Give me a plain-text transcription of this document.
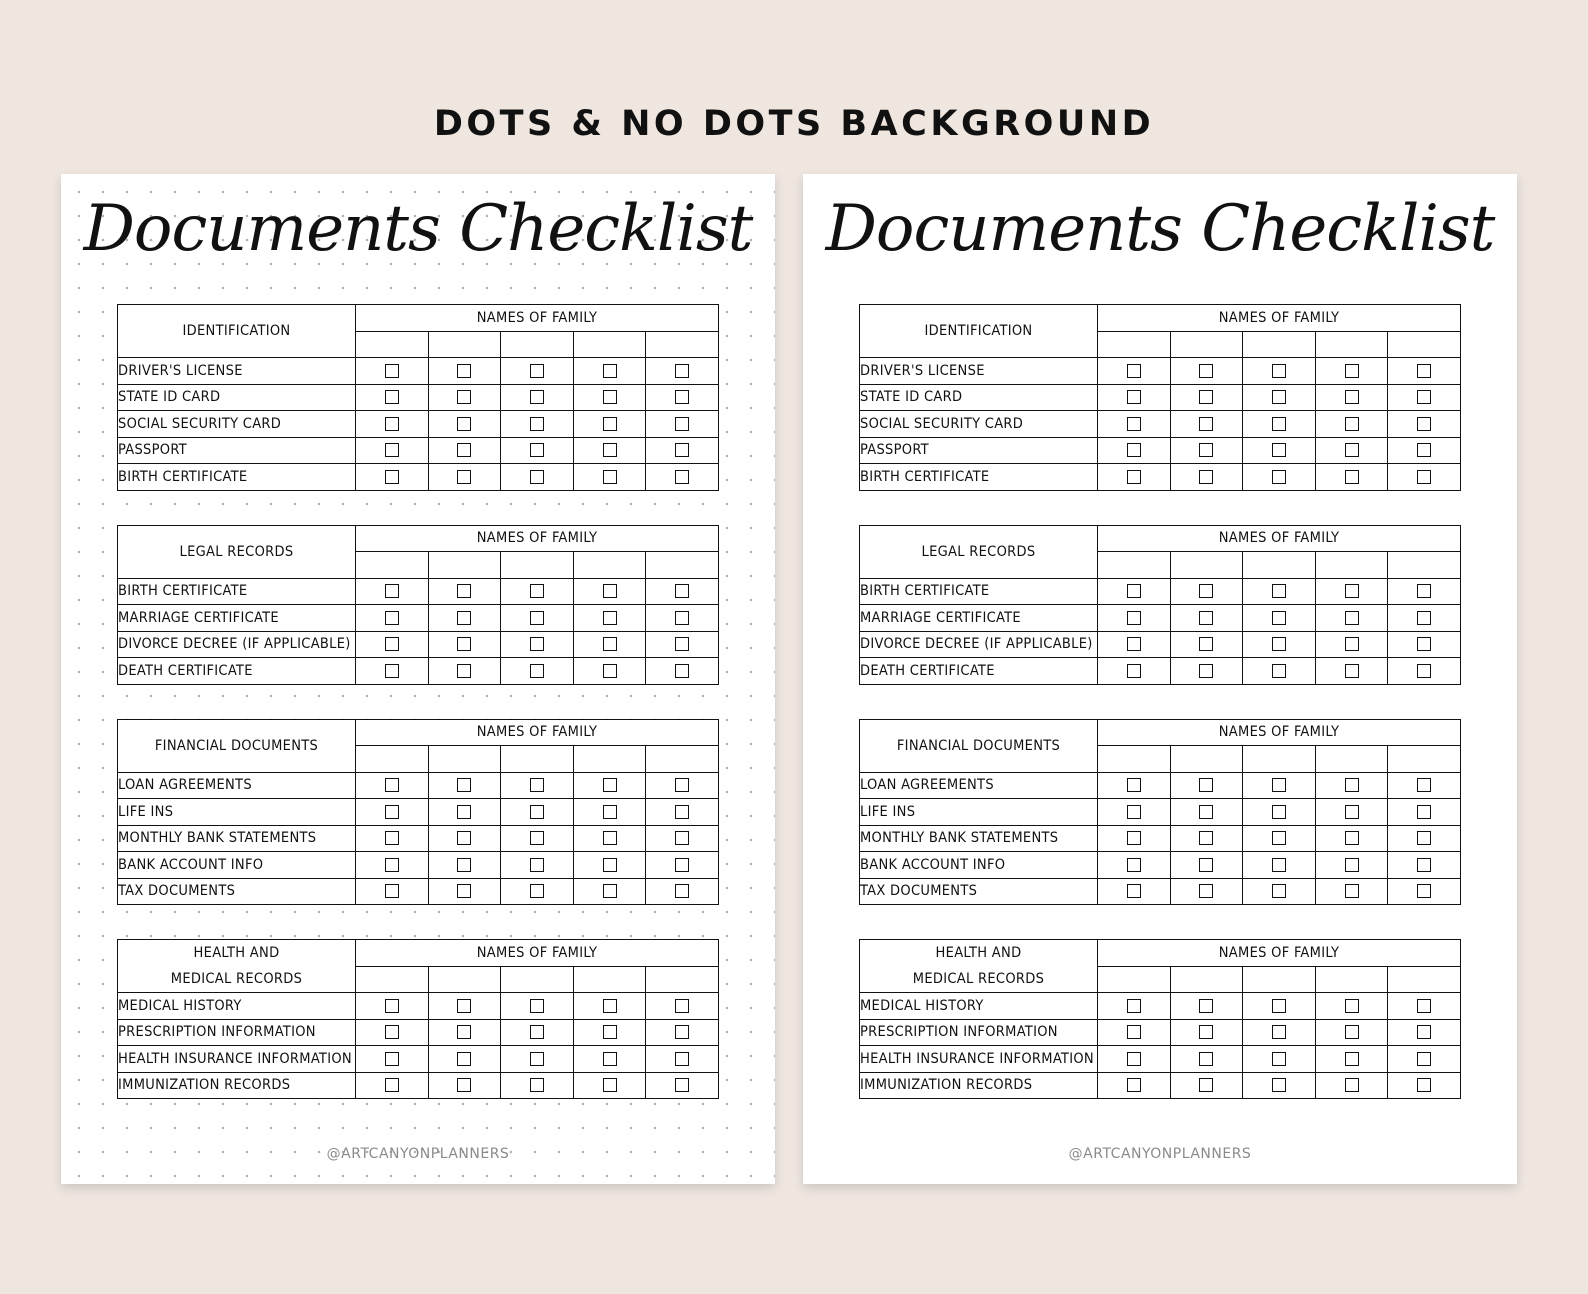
DOTS & NO DOTS BACKGROUND
Documents Checklist
IDENTIFICATION	NAMES OF FAMILY				

DRIVER'S LICENSE					
STATE ID CARD					
SOCIAL SECURITY CARD					
PASSPORT					
BIRTH CERTIFICATE					
LEGAL RECORDS	NAMES OF FAMILY				

BIRTH CERTIFICATE					
MARRIAGE CERTIFICATE					
DIVORCE DECREE (IF APPLICABLE)					
DEATH CERTIFICATE					
FINANCIAL DOCUMENTS	NAMES OF FAMILY				

LOAN AGREEMENTS					
LIFE INS					
MONTHLY BANK STATEMENTS					
BANK ACCOUNT INFO					
TAX DOCUMENTS					
HEALTH AND
MEDICAL RECORDS	NAMES OF FAMILY				

MEDICAL HISTORY					
PRESCRIPTION INFORMATION					
HEALTH INSURANCE INFORMATION					
IMMUNIZATION RECORDS					
@ARTCANYONPLANNERS
Documents Checklist
IDENTIFICATION	NAMES OF FAMILY				

DRIVER'S LICENSE					
STATE ID CARD					
SOCIAL SECURITY CARD					
PASSPORT					
BIRTH CERTIFICATE					
LEGAL RECORDS	NAMES OF FAMILY				

BIRTH CERTIFICATE					
MARRIAGE CERTIFICATE					
DIVORCE DECREE (IF APPLICABLE)					
DEATH CERTIFICATE					
FINANCIAL DOCUMENTS	NAMES OF FAMILY				

LOAN AGREEMENTS					
LIFE INS					
MONTHLY BANK STATEMENTS					
BANK ACCOUNT INFO					
TAX DOCUMENTS					
HEALTH AND
MEDICAL RECORDS	NAMES OF FAMILY				

MEDICAL HISTORY					
PRESCRIPTION INFORMATION					
HEALTH INSURANCE INFORMATION					
IMMUNIZATION RECORDS					
@ARTCANYONPLANNERS
